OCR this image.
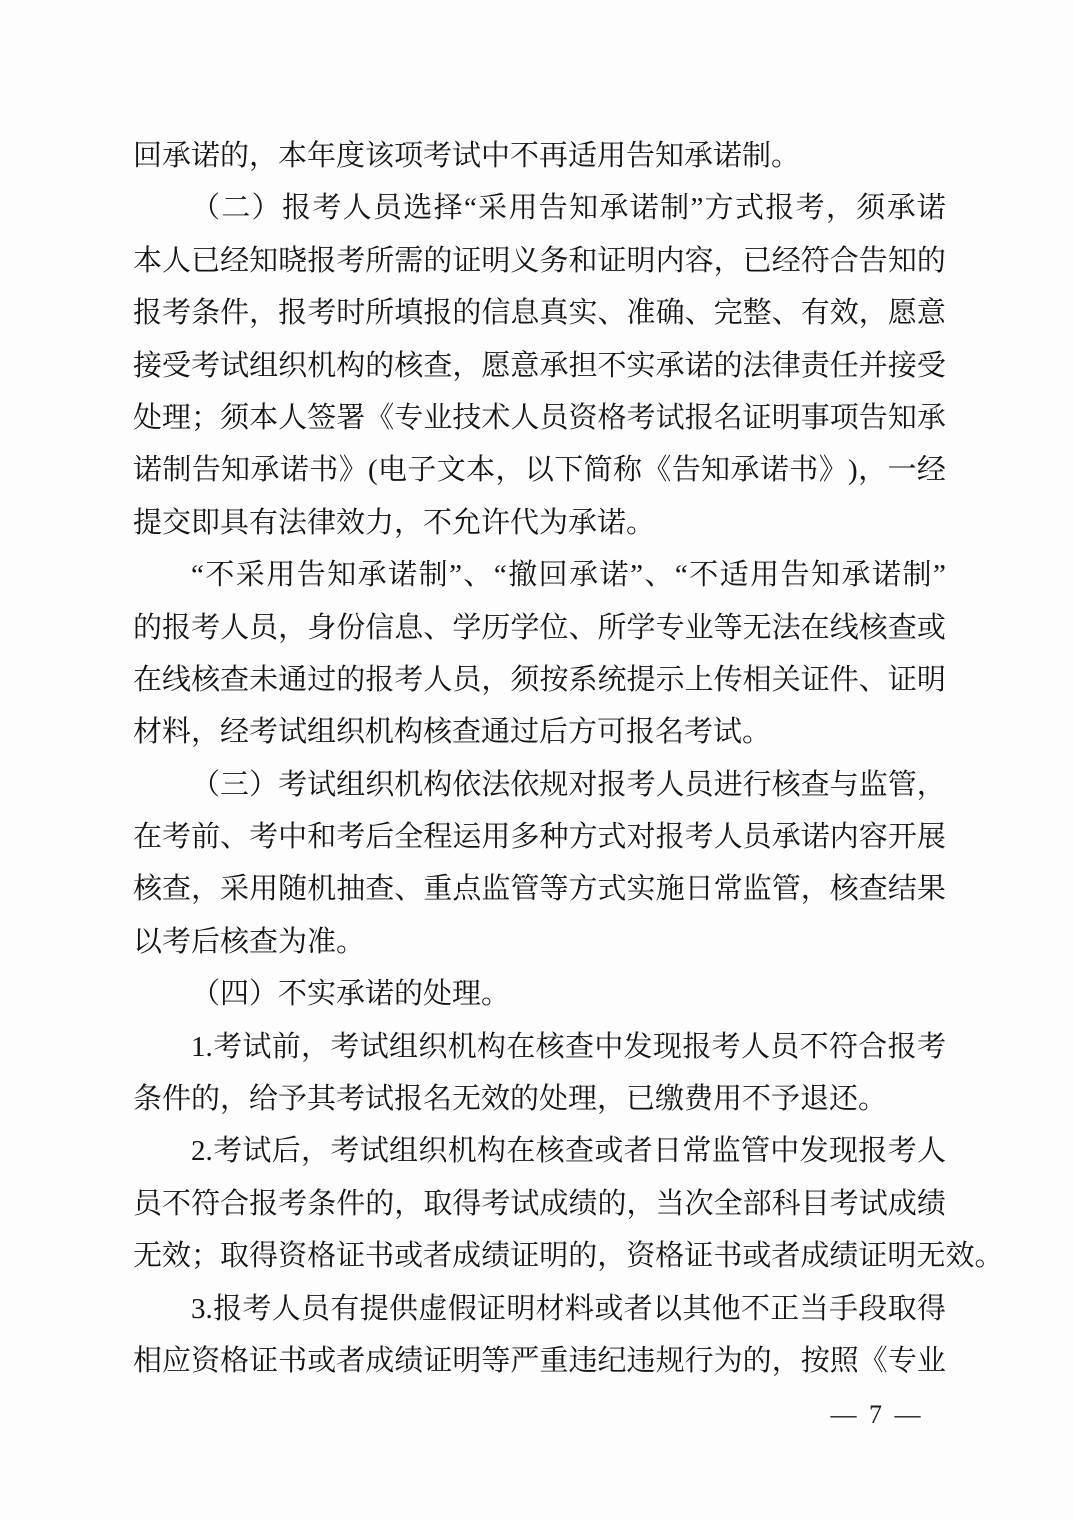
回承诺的，本年度该项考试中不再适用告知承诺制。
（ 二 ） 报 考 人 员 选 择 “ 采 用 告 知 承 诺 制 ” 方 式 报 考 ， 须 承 诺
本 人 已 经 知 晓 报 考 所 需 的 证 明 义 务 和 证 明 内 容 ， 已 经 符 合 告 知 的
报 考 条 件 ， 报 考 时 所 填 报 的 信 息 真 实 、 准 确 、 完 整 、 有 效 ， 愿 意
接 受 考 试 组 织 机 构 的 核 查 ， 愿 意 承 担 不 实 承 诺 的 法 律 责 任 并 接 受
处 理 ； 须 本 人 签 署 《 专 业 技 术 人 员 资 格 考 试 报 名 证 明 事 项 告 知 承
诺 制 告 知 承 诺 书 》 ( 电 子 文 本 ， 以 下 简 称 《 告 知 承 诺 书 》 ) ， 一 经
提交即具有法律效力，不允许代为承诺。
“ 不 采 用 告 知 承 诺 制 ” 、 “ 撤 回 承 诺 ” 、 “ 不 适 用 告 知 承 诺 制 ”
的 报 考 人 员 ， 身 份 信 息 、 学 历 学 位 、 所 学 专 业 等 无 法 在 线 核 查 或
在 线 核 查 未 通 过 的 报 考 人 员 ， 须 按 系 统 提 示 上 传 相 关 证 件 、 证 明
材料，经考试组织机构核查通过后方可报名考试。
（ 三 ） 考 试 组 织 机 构 依 法 依 规 对 报 考 人 员 进 行 核 查 与 监 管 ，
在 考 前 、 考 中 和 考 后 全 程 运 用 多 种 方 式 对 报 考 人 员 承 诺 内 容 开 展
核 查 ， 采 用 随 机 抽 查 、 重 点 监 管 等 方 式 实 施 日 常 监 管 ， 核 查 结 果
以考后核查为准。
（四）不实承诺的处理。
1. 考 试 前 ， 考 试 组 织 机 构 在 核 查 中 发 现 报 考 人 员 不 符 合 报 考
条件的，给予其考试报名无效的处理，已缴费用不予退还。
2. 考 试 后 ， 考 试 组 织 机 构 在 核 查 或 者 日 常 监 管 中 发 现 报 考 人
员 不 符 合 报 考 条 件 的 ， 取 得 考 试 成 绩 的 ， 当 次 全 部 科 目 考 试 成 绩
无 效 ； 取 得 资 格 证 书 或 者 成 绩 证 明 的 ， 资 格 证 书 或 者 成 绩 证 明 无 效 。
3. 报 考 人 员 有 提 供 虚 假 证 明 材 料 或 者 以 其 他 不 正 当 手 段 取 得
相 应 资 格 证 书 或 者 成 绩 证 明 等 严 重 违 纪 违 规 行 为 的 ， 按 照 《 专 业
— 7 —
